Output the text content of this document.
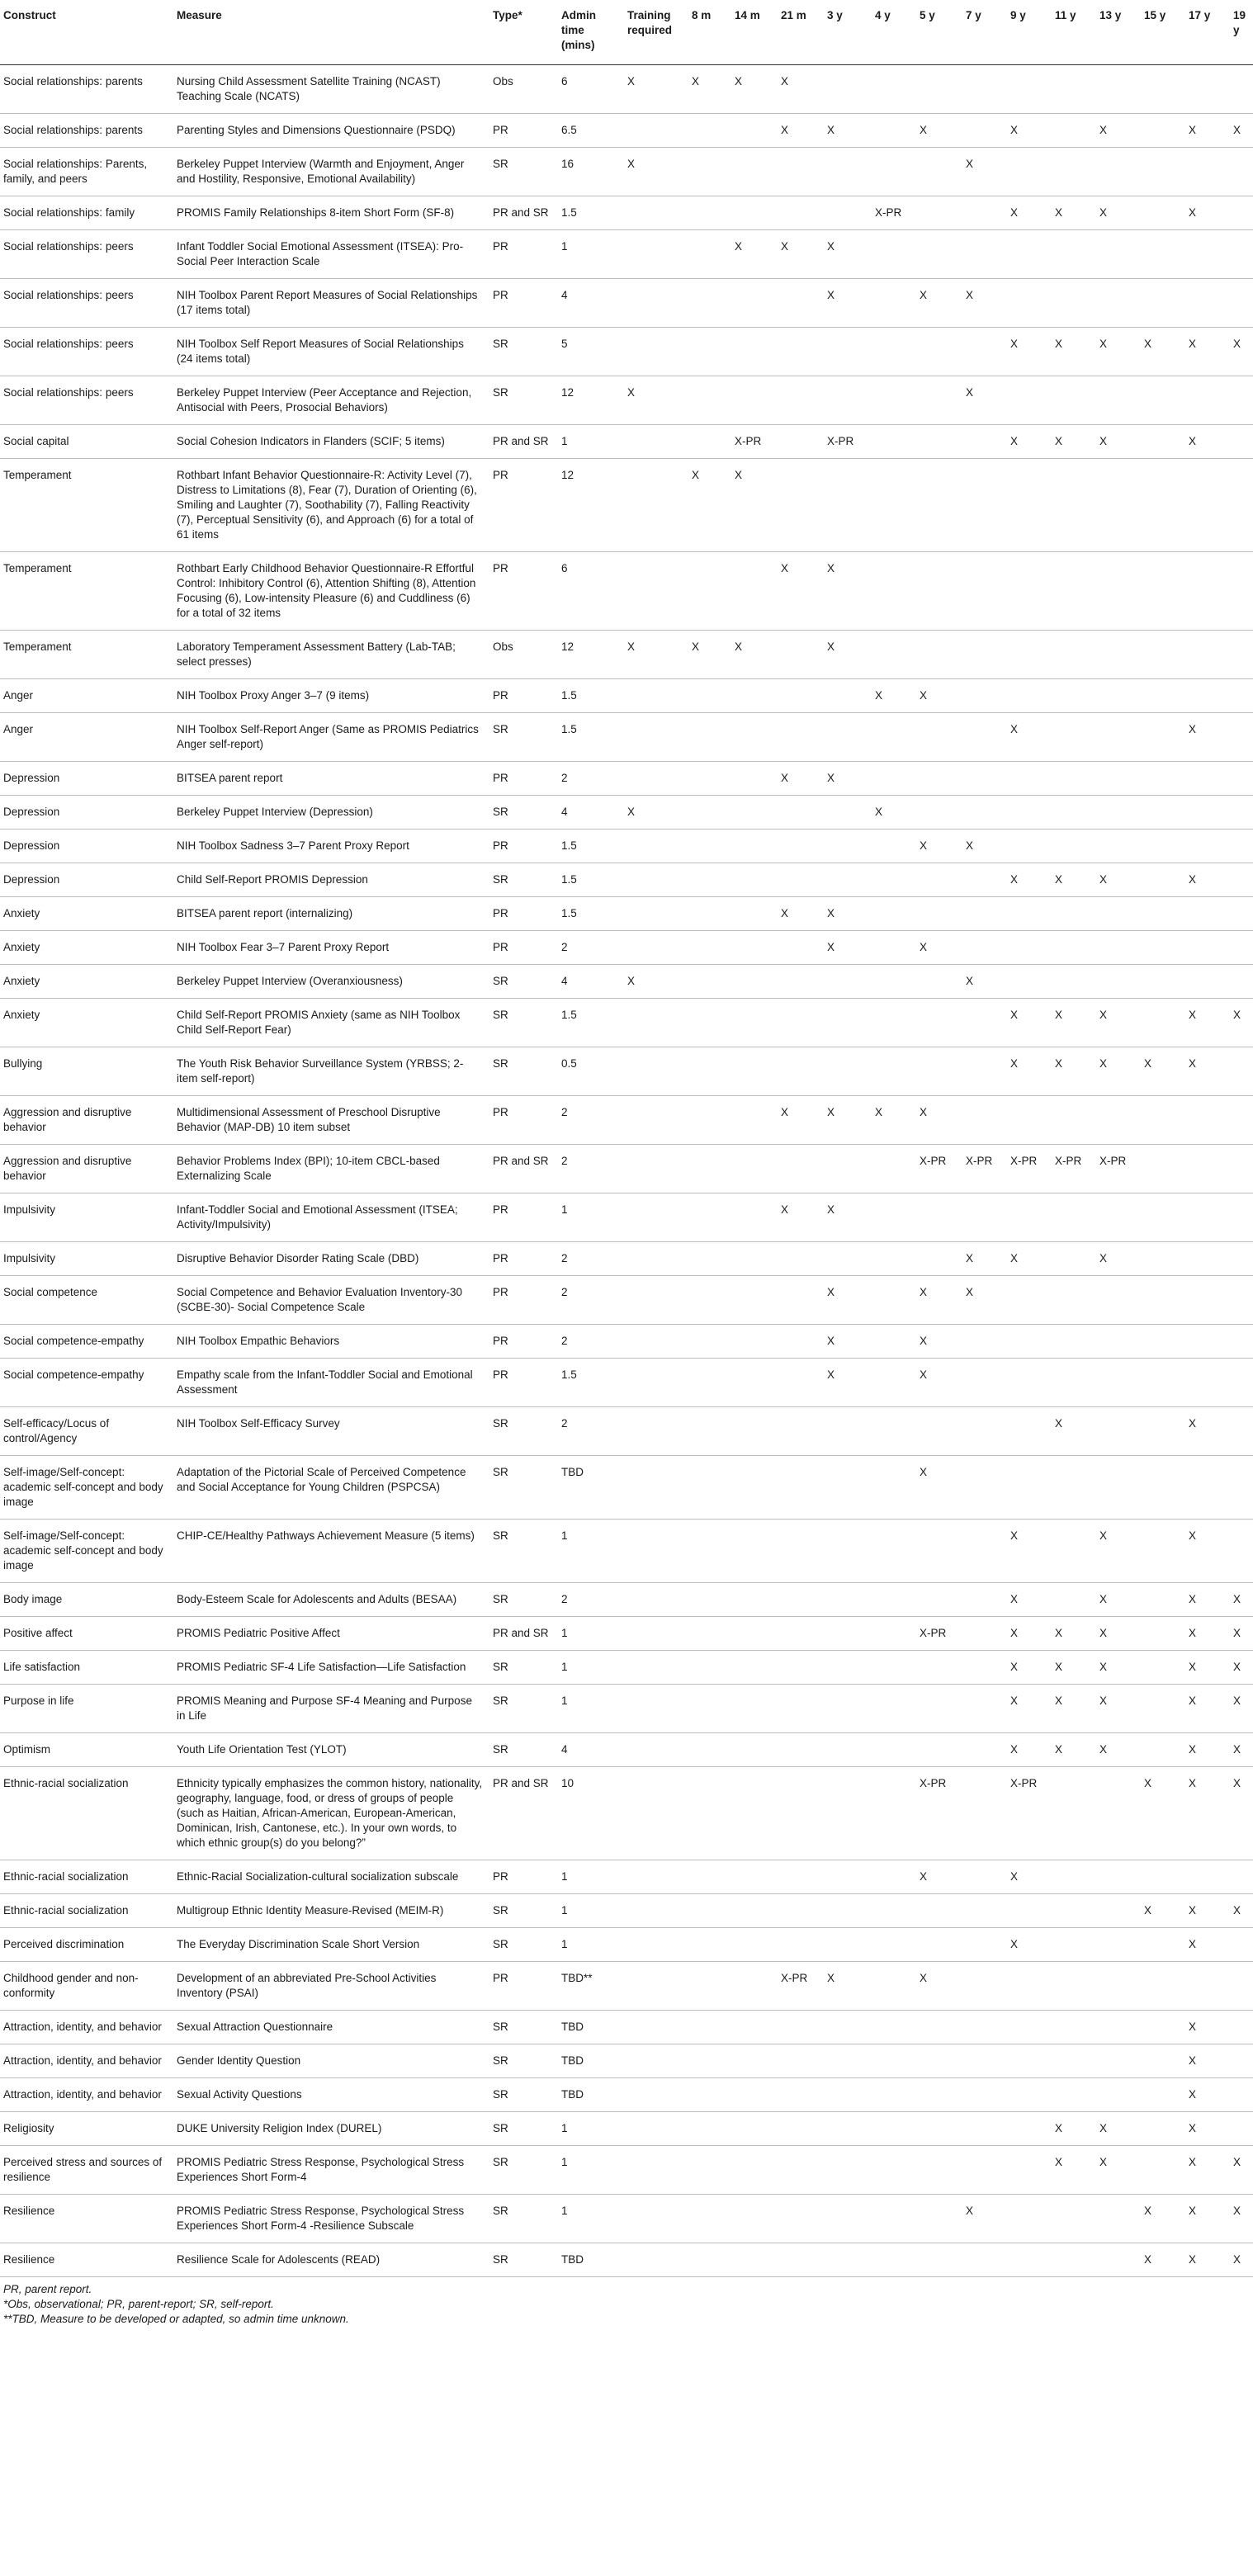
Construct	Measure	Type*	Admin time (mins)	Training required	8 m	14 m	21 m	3 y	4 y	5 y	7 y	9 y	11 y	13 y	15 y	17 y	19 y
Social relationships: parents	Nursing Child Assessment Satellite Training (NCAST) Teaching Scale (NCATS)	Obs	6	X	X	X	X										
Social relationships: parents	Parenting Styles and Dimensions Questionnaire (PSDQ)	PR	6.5				X	X		X		X		X		X	X
Social relationships: Parents, family, and peers	Berkeley Puppet Interview (Warmth and Enjoyment, Anger and Hostility, Responsive, Emotional Availability)	SR	16	X							X						
Social relationships: family	PROMIS Family Relationships 8-item Short Form (SF-8)	PR and SR	1.5						X-PR			X	X	X		X	
Social relationships: peers	Infant Toddler Social Emotional Assessment (ITSEA): Pro-Social Peer Interaction Scale	PR	1			X	X	X									
Social relationships: peers	NIH Toolbox Parent Report Measures of Social Relationships (17 items total)	PR	4					X		X	X						
Social relationships: peers	NIH Toolbox Self Report Measures of Social Relationships (24 items total)	SR	5									X	X	X	X	X	X
Social relationships: peers	Berkeley Puppet Interview (Peer Acceptance and Rejection, Antisocial with Peers, Prosocial Behaviors)	SR	12	X							X						
Social capital	Social Cohesion Indicators in Flanders (SCIF; 5 items)	PR and SR	1			X-PR		X-PR				X	X	X		X	
Temperament	Rothbart Infant Behavior Questionnaire-R: Activity Level (7), Distress to Limitations (8), Fear (7), Duration of Orienting (6), Smiling and Laughter (7), Soothability (7), Falling Reactivity (7), Perceptual Sensitivity (6), and Approach (6) for a total of 61 items	PR	12		X	X											
Temperament	Rothbart Early Childhood Behavior Questionnaire-R Effortful Control: Inhibitory Control (6), Attention Shifting (8), Attention Focusing (6), Low-intensity Pleasure (6) and Cuddliness (6) for a total of 32 items	PR	6				X	X									
Temperament	Laboratory Temperament Assessment Battery (Lab-TAB; select presses)	Obs	12	X	X	X		X									
Anger	NIH Toolbox Proxy Anger 3–7 (9 items)	PR	1.5						X	X							
Anger	NIH Toolbox Self-Report Anger (Same as PROMIS Pediatrics Anger self-report)	SR	1.5									X				X	
Depression	BITSEA parent report	PR	2				X	X									
Depression	Berkeley Puppet Interview (Depression)	SR	4	X					X								
Depression	NIH Toolbox Sadness 3–7 Parent Proxy Report	PR	1.5							X	X						
Depression	Child Self-Report PROMIS Depression	SR	1.5									X	X	X		X	
Anxiety	BITSEA parent report (internalizing)	PR	1.5				X	X									
Anxiety	NIH Toolbox Fear 3–7 Parent Proxy Report	PR	2					X		X							
Anxiety	Berkeley Puppet Interview (Overanxiousness)	SR	4	X							X						
Anxiety	Child Self-Report PROMIS Anxiety (same as NIH Toolbox Child Self-Report Fear)	SR	1.5									X	X	X		X	X
Bullying	The Youth Risk Behavior Surveillance System (YRBSS; 2-item self-report)	SR	0.5									X	X	X	X	X	
Aggression and disruptive behavior	Multidimensional Assessment of Preschool Disruptive Behavior (MAP-DB) 10 item subset	PR	2				X	X	X	X							
Aggression and disruptive behavior	Behavior Problems Index (BPI); 10-item CBCL-based Externalizing Scale	PR and SR	2							X-PR	X-PR	X-PR	X-PR	X-PR			
Impulsivity	Infant-Toddler Social and Emotional Assessment (ITSEA; Activity/Impulsivity)	PR	1				X	X									
Impulsivity	Disruptive Behavior Disorder Rating Scale (DBD)	PR	2								X	X		X			
Social competence	Social Competence and Behavior Evaluation Inventory-30 (SCBE-30)- Social Competence Scale	PR	2					X		X	X						
Social competence-empathy	NIH Toolbox Empathic Behaviors	PR	2					X		X							
Social competence-empathy	Empathy scale from the Infant-Toddler Social and Emotional Assessment	PR	1.5					X		X							
Self-efficacy/Locus of control/Agency	NIH Toolbox Self-Efficacy Survey	SR	2										X			X	
Self-image/Self-concept: academic self-concept and body image	Adaptation of the Pictorial Scale of Perceived Competence and Social Acceptance for Young Children (PSPCSA)	SR	TBD							X							
Self-image/Self-concept: academic self-concept and body image	CHIP-CE/Healthy Pathways Achievement Measure (5 items)	SR	1									X		X		X	
Body image	Body-Esteem Scale for Adolescents and Adults (BESAA)	SR	2									X		X		X	X
Positive affect	PROMIS Pediatric Positive Affect	PR and SR	1							X-PR		X	X	X		X	X
Life satisfaction	PROMIS Pediatric SF-4 Life Satisfaction—Life Satisfaction	SR	1									X	X	X		X	X
Purpose in life	PROMIS Meaning and Purpose SF-4 Meaning and Purpose in Life	SR	1									X	X	X		X	X
Optimism	Youth Life Orientation Test (YLOT)	SR	4									X	X	X		X	X
Ethnic-racial socialization	Ethnicity typically emphasizes the common history, nationality, geography, language, food, or dress of groups of people (such as Haitian, African-American, European-American, Dominican, Irish, Cantonese, etc.). In your own words, to which ethnic group(s) do you belong?”	PR and SR	10							X-PR		X-PR			X	X	X
Ethnic-racial socialization	Ethnic-Racial Socialization-cultural socialization subscale	PR	1							X		X					
Ethnic-racial socialization	Multigroup Ethnic Identity Measure-Revised (MEIM-R)	SR	1												X	X	X
Perceived discrimination	The Everyday Discrimination Scale Short Version	SR	1									X				X	
Childhood gender and non-conformity	Development of an abbreviated Pre-School Activities Inventory (PSAI)	PR	TBD**				X-PR	X		X							
Attraction, identity, and behavior	Sexual Attraction Questionnaire	SR	TBD													X	
Attraction, identity, and behavior	Gender Identity Question	SR	TBD													X	
Attraction, identity, and behavior	Sexual Activity Questions	SR	TBD													X	
Religiosity	DUKE University Religion Index (DUREL)	SR	1										X	X		X	
Perceived stress and sources of resilience	PROMIS Pediatric Stress Response, Psychological Stress Experiences Short Form-4	SR	1										X	X		X	X
Resilience	PROMIS Pediatric Stress Response, Psychological Stress Experiences Short Form-4 -Resilience Subscale	SR	1								X				X	X	X
Resilience	Resilience Scale for Adolescents (READ)	SR	TBD												X	X	X
PR, parent report.
*Obs, observational; PR, parent-report; SR, self-report.
**TBD, Measure to be developed or adapted, so admin time unknown.
